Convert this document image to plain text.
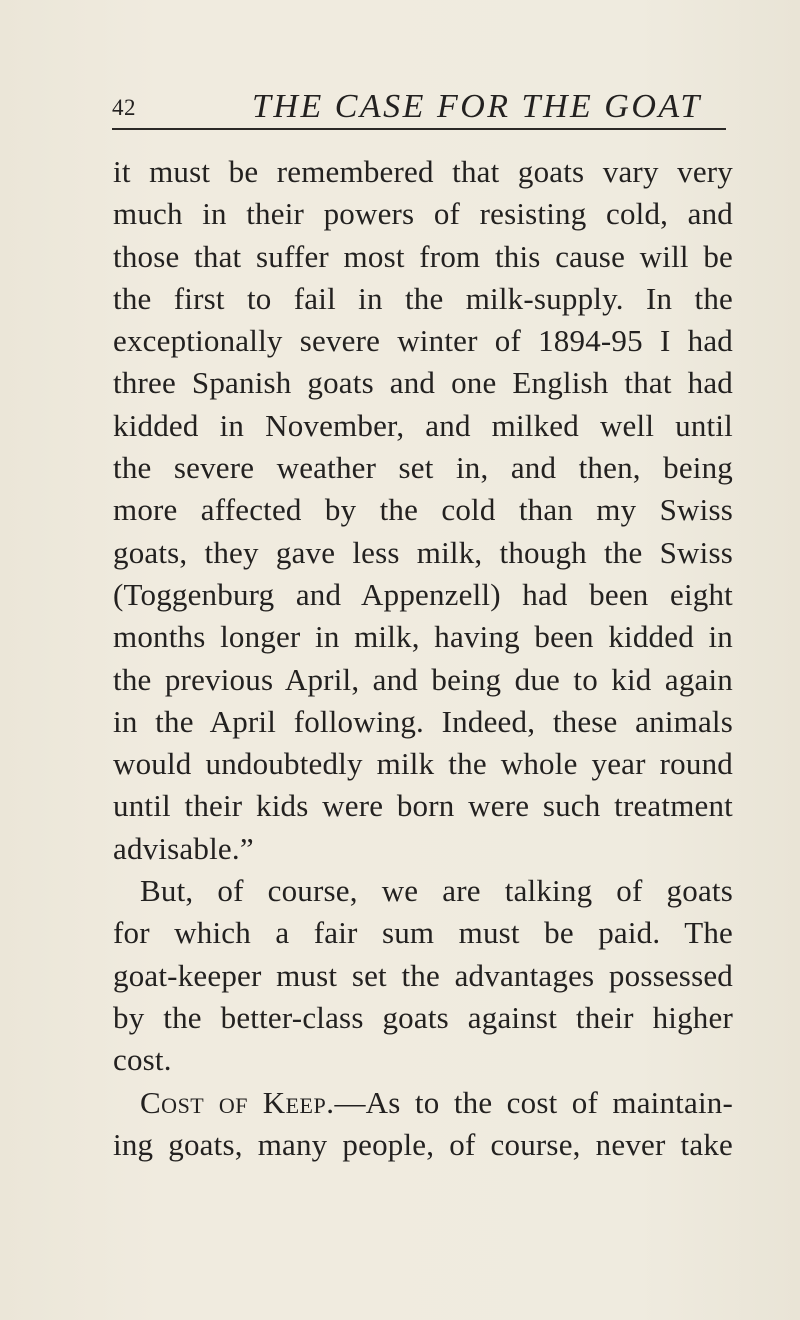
42	THE CASE FOR THE GOAT
it must be remembered that goats vary very
much in their powers of resisting cold, and
those that suffer most from this cause will be
the first to fail in the milk-supply. In the
exceptionally severe winter of 1894-95 I had
three Spanish goats and one English that had
kidded in November, and milked well until
the severe weather set in, and then, being
more affected by the cold than my Swiss
goats, they gave less milk, though the Swiss
(Toggenburg and Appenzell) had been eight
months longer in milk, having been kidded in
the previous April, and being due to kid again
in the April following. Indeed, these animals
would undoubtedly milk the whole year round
until their kids were born were such treatment
advisable.”
But, of course, we are talking of goats
for which a fair sum must be paid. The
goat-keeper must set the advantages possessed
by the better-class goats against their higher
cost.
Cost of Keep.—As to the cost of maintain-
ing goats, many people, of course, never take
